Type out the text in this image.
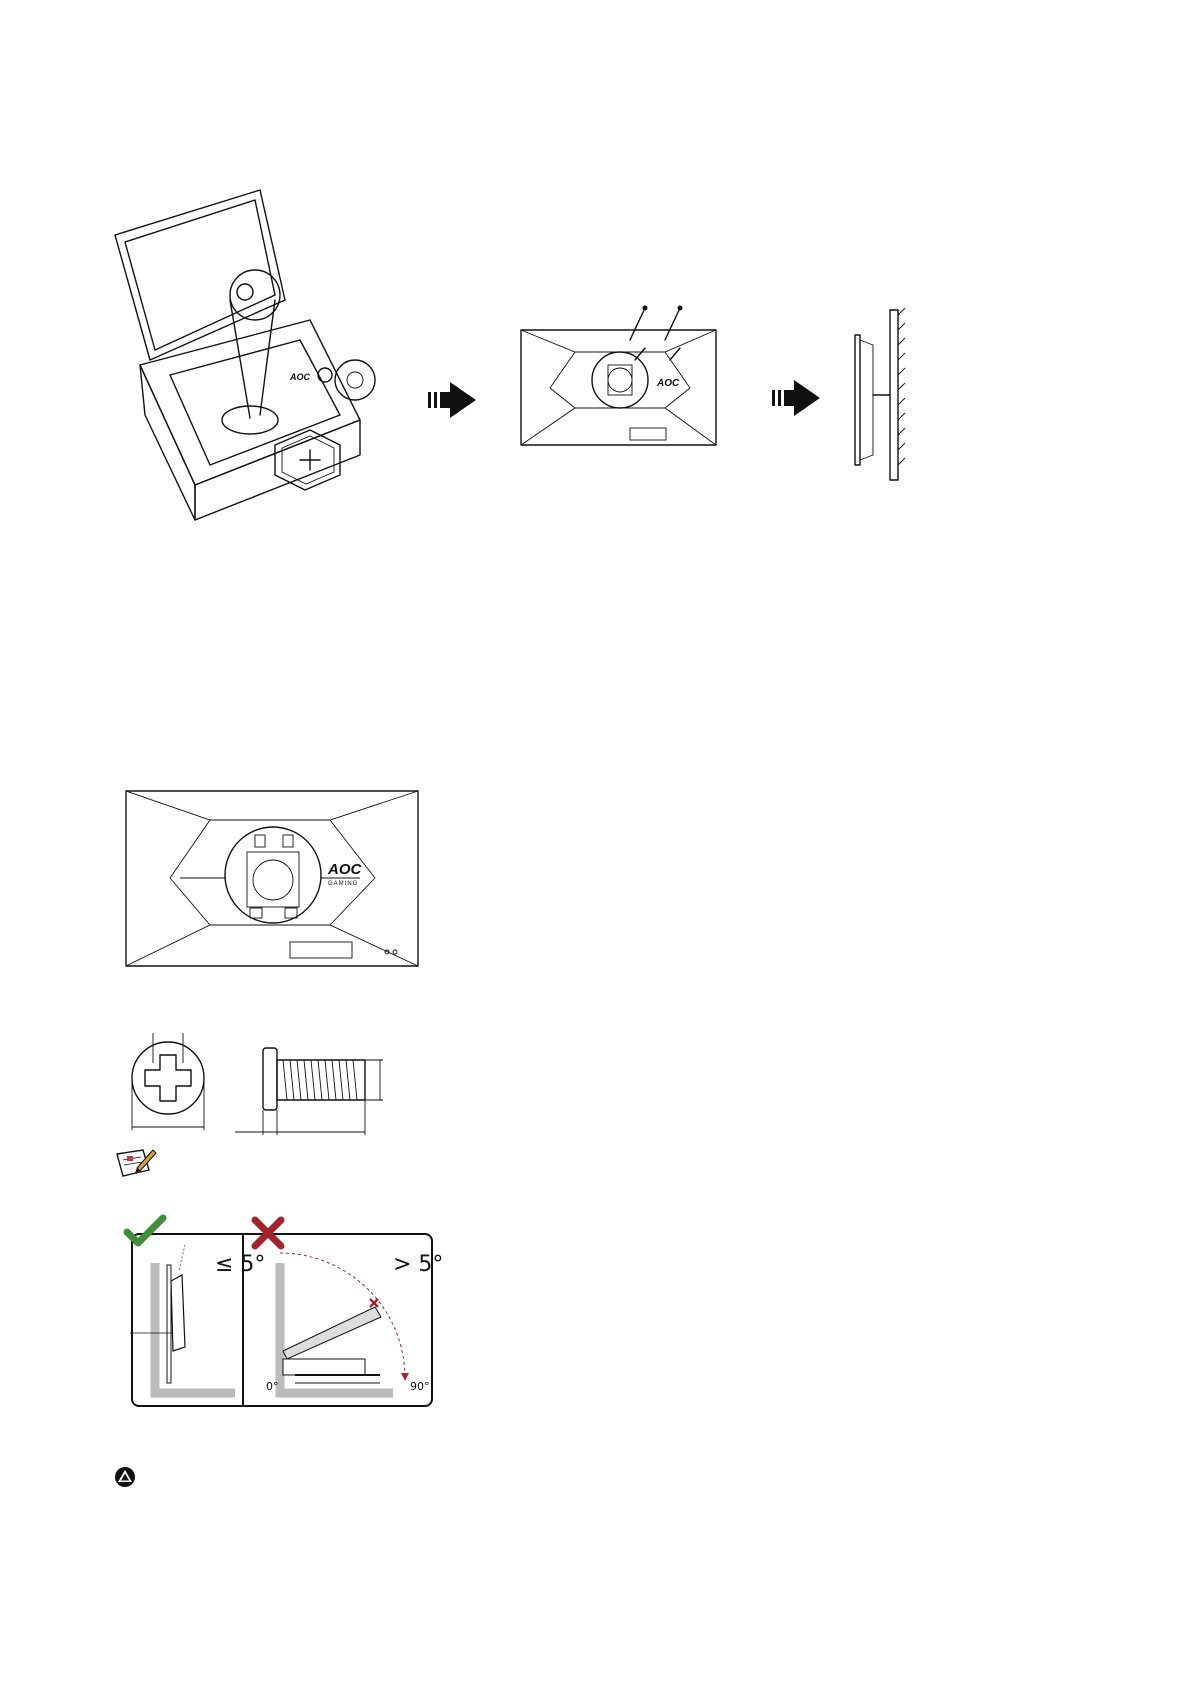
AOC
AOC
AOC
GAMING
≤ 5°	> 5°
0°	90°
